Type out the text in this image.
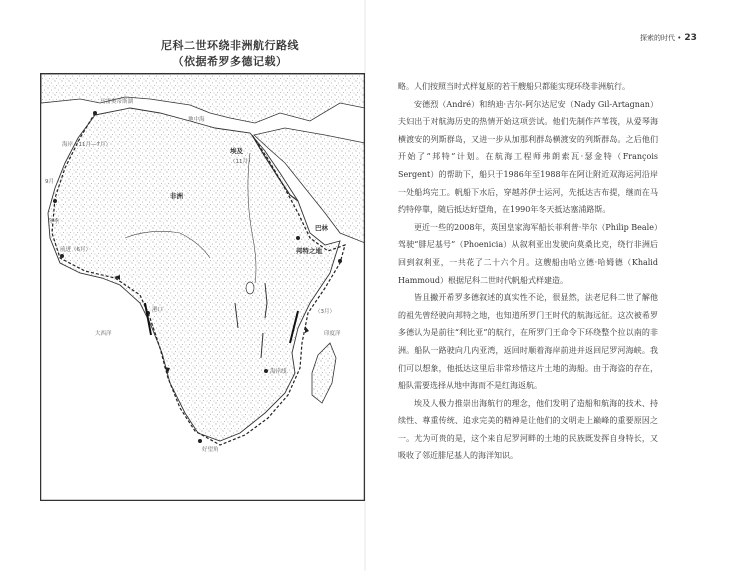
尼科二世环绕非洲航行路线
（依据希罗多德记载）
马雷奥蒂斯湖
地中海
埃及
（11月）
非洲
巴林
邦特之地
（3月）
印度洋
大西洋
好望角
海岸（11月—7月）
9月
前进（6月）
冬季
海岸线
港口
探索的时代 • 23

略。人们按照当时式样复原的若干艘船只都能实现环绕非洲航行。

安德烈（André）和纳迪·吉尔-阿尔达尼安（Nady Gil-Artagnan）夫妇出于对航海历史的热情开始这项尝试。他们先制作芦苇筏，从爱琴海横渡安的列斯群岛，又进一步从加那利群岛横渡安的列斯群岛。之后他们开始了“邦特”计划。在航海工程师弗朗索瓦·瑟金特（François Sergent）的帮助下，船只于1986年至1988年在阿让附近双海运河沿岸一处船坞完工。帆船下水后，穿越苏伊士运河，先抵达吉布提，继而在马约特停靠，随后抵达好望角，在1990年冬天抵达塞浦路斯。

更近一些的2008年，英国皇家海军船长菲利普·毕尔（Philip Beale）驾驶“腓尼基号”（Phoenicia）从叙利亚出发驶向莫桑比克，绕行非洲后回到叙利亚，一共花了二十六个月。这艘船由哈立德·哈姆德（Khalid Hammoud）根据尼科二世时代帆船式样建造。

皆且撇开希罗多德叙述的真实性不论，很显然，法老尼科二世了解他的祖先曾经驶向邦特之地，也知道所罗门王时代的航海远征。这次被希罗多德认为是前往“利比亚”的航行，在所罗门王命令下环绕整个拉以南的非洲。船队一路驶向几内亚湾，返回时顺着海岸前进并返回尼罗河海峡。我们可以想象，他抵达这里后非常珍惜这片土地的海船。由于海盗的存在，船队需要选择从地中海而不是红海返航。

埃及人极力推崇出海航行的理念，他们发明了造船和航海的技术、持续性、尊重传统、追求完美的精神是让他们的文明走上巅峰的重要原因之一。尤为可贵的是，这个来自尼罗河畔的土地的民族既发挥自身特长，又吸收了邻近腓尼基人的海洋知识。
